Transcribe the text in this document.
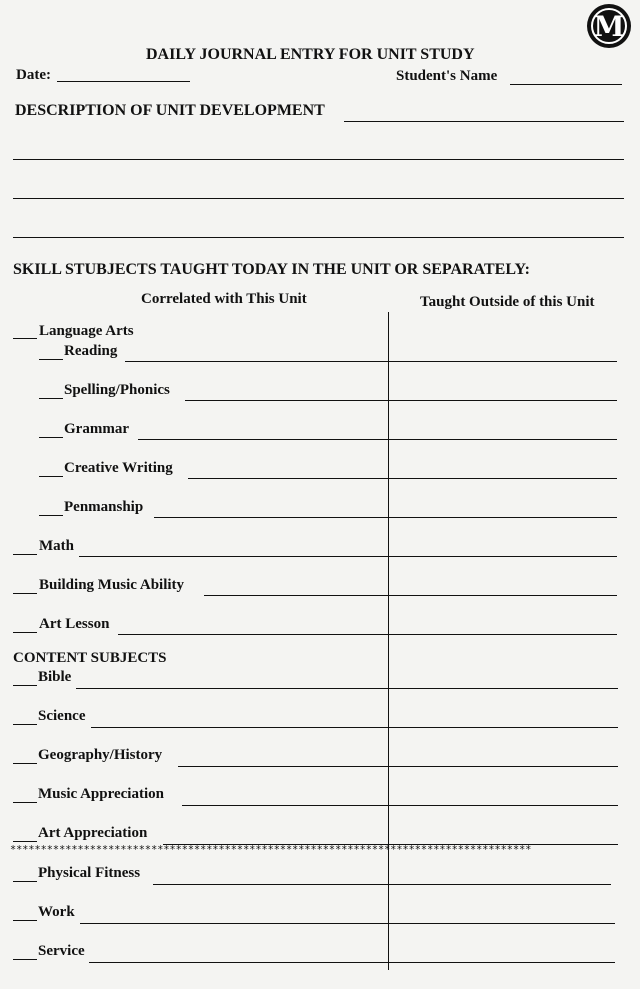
M
DAILY JOURNAL ENTRY FOR UNIT STUDY
Date:	Student's Name
DESCRIPTION OF UNIT DEVELOPMENT
SKILL STUBJECTS TAUGHT TODAY IN THE UNIT OR SEPARATELY:
Correlated with This Unit	Taught Outside of this Unit
Language Arts
Reading
Spelling/Phonics
Grammar
Creative Writing
Penmanship
Math
Building Music Ability
Art Lesson
CONTENT SUBJECTS
Bible
Science
Geography/History
Music Appreciation
Art Appreciation
*************************************************************************************
Physical Fitness
Work
Service
